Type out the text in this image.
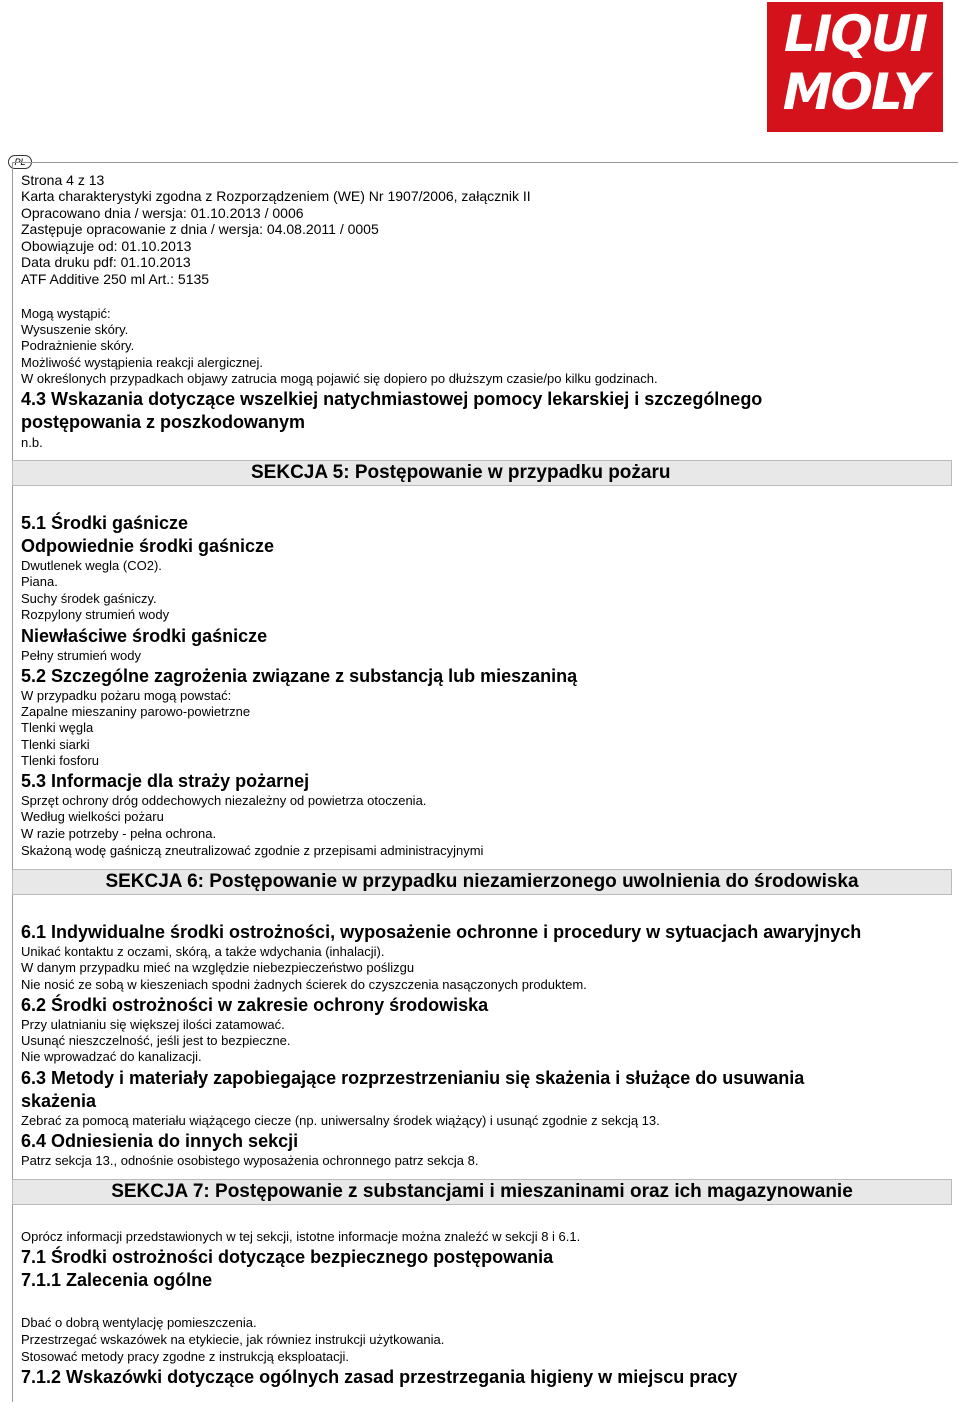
LIQUI
MOLY
PL
Strona 4 z 13
Karta charakterystyki zgodna z Rozporządzeniem (WE) Nr 1907/2006, załącznik II
Opracowano dnia / wersja: 01.10.2013 / 0006
Zastępuje opracowanie z dnia / wersja: 04.08.2011 / 0005
Obowiązuje od: 01.10.2013
Data druku pdf: 01.10.2013
ATF Additive 250 ml Art.: 5135
Mogą wystąpić:
Wysuszenie skóry.
Podrażnienie skóry.
Możliwość wystąpienia reakcji alergicznej.
W określonych przypadkach objawy zatrucia mogą pojawić się dopiero po dłuższym czasie/po kilku godzinach.
4.3 Wskazania dotyczące wszelkiej natychmiastowej pomocy lekarskiej i szczególnego
postępowania z poszkodowanym
n.b.
SEKCJA 5: Postępowanie w przypadku pożaru
5.1 Środki gaśnicze
Odpowiednie środki gaśnicze
Dwutlenek wegla (CO2).
Piana.
Suchy środek gaśniczy.
Rozpylony strumień wody
Niewłaściwe środki gaśnicze
Pełny strumień wody
5.2 Szczególne zagrożenia związane z substancją lub mieszaniną
W przypadku pożaru mogą powstać:
Zapalne mieszaniny parowo-powietrzne
Tlenki węgla
Tlenki siarki
Tlenki fosforu
5.3 Informacje dla straży pożarnej
Sprzęt ochrony dróg oddechowych niezależny od powietrza otoczenia.
Według wielkości pożaru
W razie potrzeby - pełna ochrona.
Skażoną wodę gaśniczą zneutralizować zgodnie z przepisami administracyjnymi
SEKCJA 6: Postępowanie w przypadku niezamierzonego uwolnienia do środowiska
6.1 Indywidualne środki ostrożności, wyposażenie ochronne i procedury w sytuacjach awaryjnych
Unikać kontaktu z oczami, skórą, a także wdychania (inhalacji).
W danym przypadku mieć na względzie niebezpieczeństwo poślizgu
Nie nosić ze sobą w kieszeniach spodni żadnych ścierek do czyszczenia nasączonych produktem.
6.2 Środki ostrożności w zakresie ochrony środowiska
Przy ulatnianiu się większej ilości zatamować.
Usunąć nieszczelność, jeśli jest to bezpieczne.
Nie wprowadzać do kanalizacji.
6.3 Metody i materiały zapobiegające rozprzestrzenianiu się skażenia i służące do usuwania
skażenia
Zebrać za pomocą materiału wiążącego ciecze (np. uniwersalny środek wiążący) i usunąć zgodnie z sekcją 13.
6.4 Odniesienia do innych sekcji
Patrz sekcja 13., odnośnie osobistego wyposażenia ochronnego patrz sekcja 8.
SEKCJA 7: Postępowanie z substancjami i mieszaninami oraz ich magazynowanie
Oprócz informacji przedstawionych w tej sekcji, istotne informacje można znaleźć w sekcji 8 i 6.1.
7.1 Środki ostrożności dotyczące bezpiecznego postępowania
7.1.1 Zalecenia ogólne
Dbać o dobrą wentylację pomieszczenia.
Przestrzegać wskazówek na etykiecie, jak równiez instrukcji użytkowania.
Stosować metody pracy zgodne z instrukcją eksploatacji.
7.1.2 Wskazówki dotyczące ogólnych zasad przestrzegania higieny w miejscu pracy
